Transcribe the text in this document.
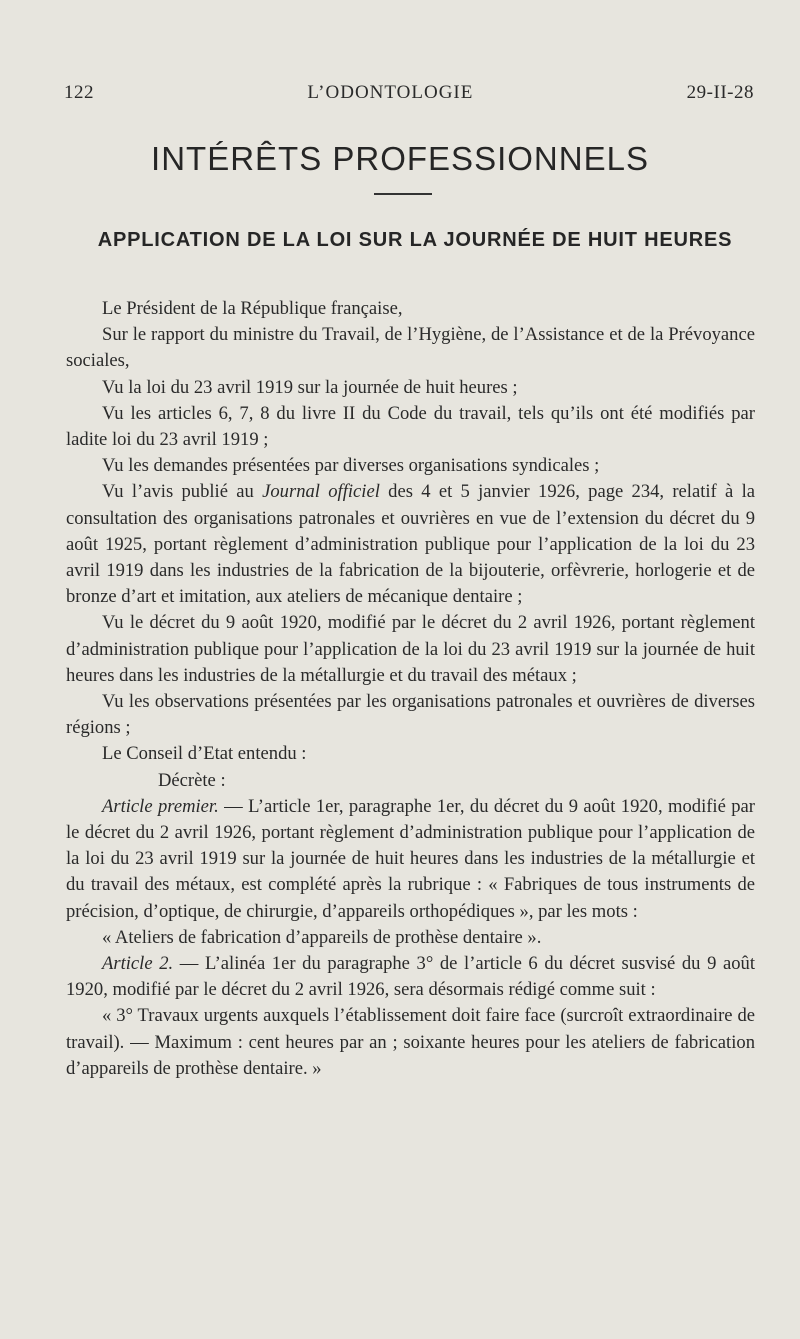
122	L’ODONTOLOGIE	29-II-28
INTÉRÊTS PROFESSIONNELS
APPLICATION DE LA LOI SUR LA JOURNÉE DE HUIT HEURES

Le Président de la République française,

Sur le rapport du ministre du Travail, de l’Hygiène, de l’Assistance et de la Prévoyance sociales,

Vu la loi du 23 avril 1919 sur la journée de huit heures ;

Vu les articles 6, 7, 8 du livre II du Code du travail, tels qu’ils ont été modifiés par ladite loi du 23 avril 1919 ;

Vu les demandes présentées par diverses organisations syndicales ;

Vu l’avis publié au Journal officiel des 4 et 5 janvier 1926, page 234, relatif à la consultation des organisations patronales et ouvrières en vue de l’extension du décret du 9 août 1925, portant règlement d’administration publique pour l’application de la loi du 23 avril 1919 dans les industries de la fabrication de la bijouterie, orfèvrerie, horlogerie et de bronze d’art et imitation, aux ateliers de mécanique dentaire ;

Vu le décret du 9 août 1920, modifié par le décret du 2 avril 1926, portant règlement d’administration publique pour l’application de la loi du 23 avril 1919 sur la journée de huit heures dans les industries de la métallurgie et du travail des métaux ;

Vu les observations présentées par les organisations patronales et ouvrières de diverses régions ;

Le Conseil d’Etat entendu :

Décrète :

Article premier. — L’article 1er, paragraphe 1er, du décret du 9 août 1920, modifié par le décret du 2 avril 1926, portant règlement d’administration publique pour l’application de la loi du 23 avril 1919 sur la journée de huit heures dans les industries de la métallurgie et du travail des métaux, est complété après la rubrique : « Fabriques de tous instruments de précision, d’optique, de chirurgie, d’appareils orthopédiques », par les mots :

« Ateliers de fabrication d’appareils de prothèse dentaire ».

Article 2. — L’alinéa 1er du paragraphe 3° de l’article 6 du décret susvisé du 9 août 1920, modifié par le décret du 2 avril 1926, sera désormais rédigé comme suit :

« 3° Travaux urgents auxquels l’établissement doit faire face (surcroît extraordinaire de travail). — Maximum : cent heures par an ; soixante heures pour les ateliers de fabrication d’appareils de prothèse dentaire. »
